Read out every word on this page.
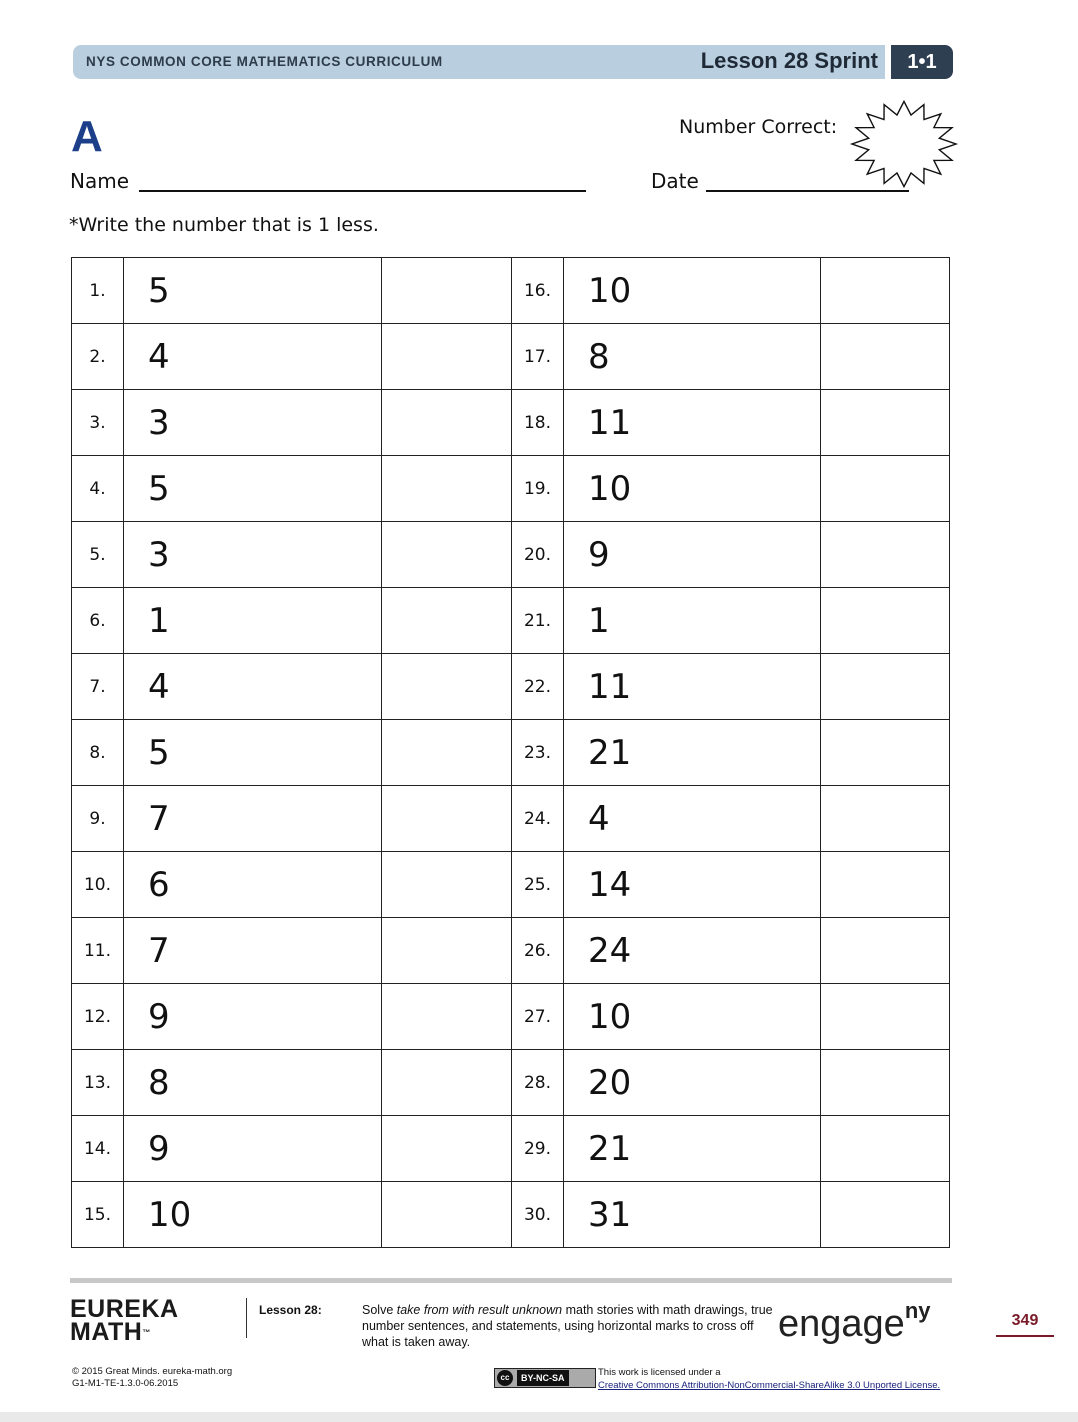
NYS COMMON CORE MATHEMATICS CURRICULUM	Lesson 28 Sprint	1•1
A	Number Correct:
Name	Date
*Write the number that is 1 less.
1.	5		16.	10	
2.	4		17.	8	
3.	3		18.	11	
4.	5		19.	10	
5.	3		20.	9	
6.	1		21.	1	
7.	4		22.	11	
8.	5		23.	21	
9.	7		24.	4	
10.	6		25.	14	
11.	7		26.	24	
12.	9		27.	10	
13.	8		28.	20	
14.	9		29.	21	
15.	10		30.	31	
EUREKA
MATH™
Lesson 28:	Solve take from with result unknown math stories with math drawings, true number sentences, and statements, using horizontal marks to cross off what is taken away.	engage$^{ny}$	349
© 2015 Great Minds. eureka-math.org
G1-M1-TE-1.3.0-06.2015
cc	BY-NC-SA	This work is licensed under a
Creative Commons Attribution-NonCommercial-ShareAlike 3.0 Unported License.
